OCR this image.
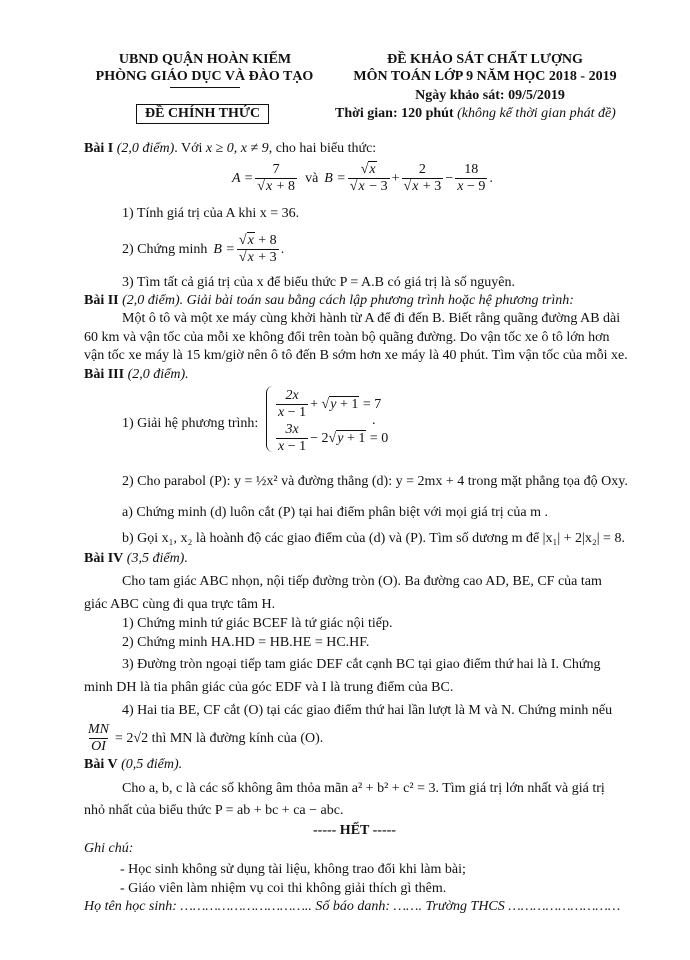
UBND QUẬN HOÀN KIẾM
PHÒNG GIÁO DỤC VÀ ĐÀO TẠO
ĐỀ CHÍNH THỨC
ĐỀ KHẢO SÁT CHẤT LƯỢNG
MÔN TOÁN LỚP 9 NĂM HỌC 2018 - 2019
Ngày khảo sát: 09/5/2019
Thời gian: 120 phút (không kể thời gian phát đề)
Bài I (2,0 điểm). Với x ≥ 0, x ≠ 9, cho hai biểu thức:
$A = \frac{7}{√x + 8}$ và $B = \frac{√x}{√x - 3} + \frac{2}{√x + 3} - \frac{18}{x - 9}$ .
1) Tính giá trị của A khi x = 36.
2) Chứng minh $B = \frac{√x + 8}{√x + 3}$ .
3) Tìm tất cả giá trị của x để biểu thức P = A.B có giá trị là số nguyên.
Bài II (2,0 điểm). Giải bài toán sau bằng cách lập phương trình hoặc hệ phương trình:
Một ô tô và một xe máy cùng khởi hành từ A để đi đến B. Biết rằng quãng đường AB dài
60 km và vận tốc của mỗi xe không đổi trên toàn bộ quãng đường. Do vận tốc xe ô tô lớn hơn
vận tốc xe máy là 15 km/giờ nên ô tô đến B sớm hơn xe máy là 40 phút. Tìm vận tốc của mỗi xe.
Bài III (2,0 điểm).
1) Giải hệ phương trình:
$\frac{2x}{x - 1} + √y + 1 = 7$
$\frac{3x}{x - 1} - 2√y + 1 = 0$
.
2) Cho parabol (P): y = ½x² và đường thẳng (d): y = 2mx + 4 trong mặt phẳng tọa độ Oxy.
a) Chứng minh (d) luôn cắt (P) tại hai điểm phân biệt với mọi giá trị của m .
b) Gọi x₁, x₂ là hoành độ các giao điểm của (d) và (P). Tìm số dương m để |x₁| + 2|x₂| = 8.
Bài IV (3,5 điểm).
Cho tam giác ABC nhọn, nội tiếp đường tròn (O). Ba đường cao AD, BE, CF của tam
giác ABC cùng đi qua trực tâm H.
1) Chứng minh tứ giác BCEF là tứ giác nội tiếp.
2) Chứng minh HA.HD = HB.HE = HC.HF.
3) Đường tròn ngoại tiếp tam giác DEF cắt cạnh BC tại giao điểm thứ hai là I. Chứng
minh DH là tia phân giác của góc EDF và I là trung điểm của BC.
4) Hai tia BE, CF cắt (O) tại các giao điểm thứ hai lần lượt là M và N. Chứng minh nếu
$\frac{MN}{OI} = 2√2$ thì MN là đường kính của (O).
Bài V (0,5 điểm).
Cho a, b, c là các số không âm thỏa mãn a² + b² + c² = 3. Tìm giá trị lớn nhất và giá trị
nhỏ nhất của biểu thức P = ab + bc + ca − abc.
----- HẾT -----
Ghi chú:
- Học sinh không sử dụng tài liệu, không trao đổi khi làm bài;
- Giáo viên làm nhiệm vụ coi thi không giải thích gì thêm.
Họ tên học sinh: ………………………….. Số báo danh: ……. Trường THCS ………………………
